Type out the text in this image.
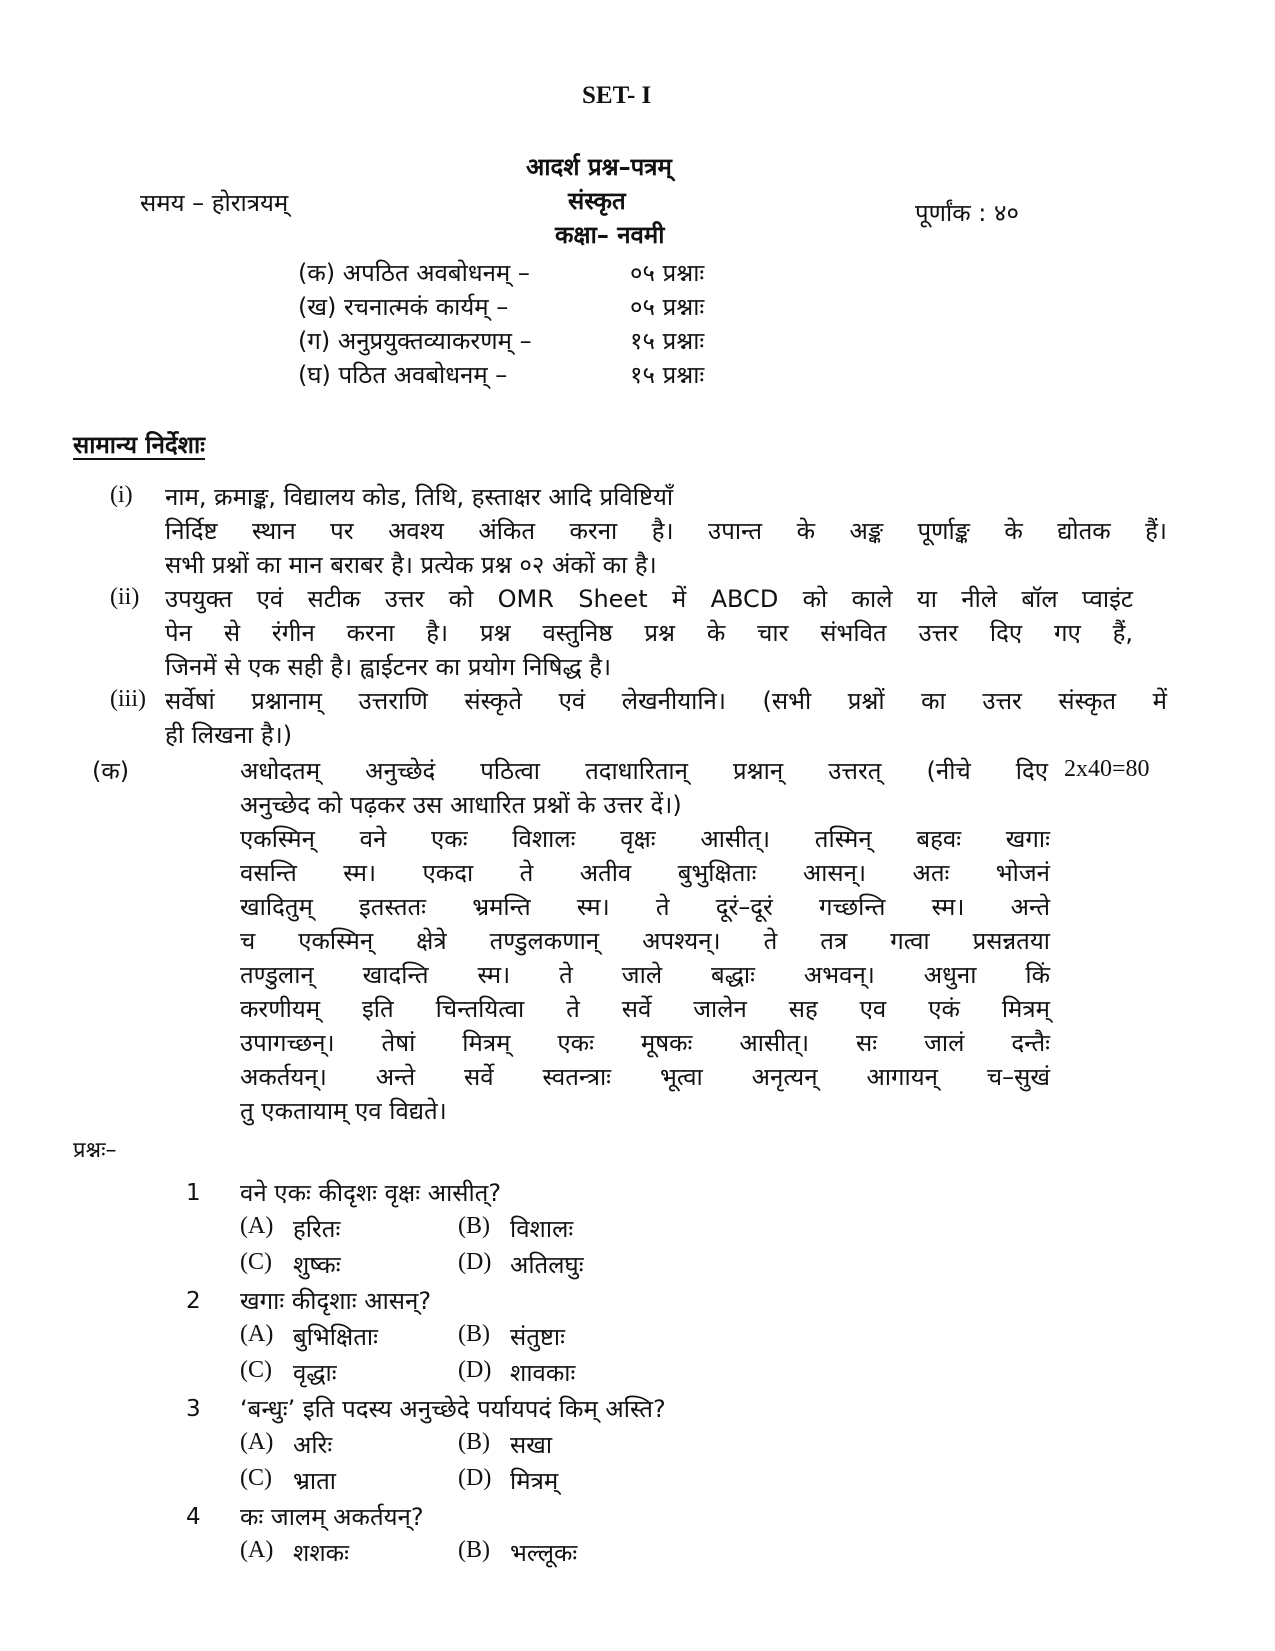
SET- I
आदर्श प्रश्न–पत्रम्
संस्कृत
कक्षा– नवमी
समय – होरात्रयम्	पूर्णांक : ४०
(क) अपठित अवबोधनम् –	०५ प्रश्नाः
(ख) रचनात्मकं कार्यम् –	०५ प्रश्नाः
(ग) अनुप्रयुक्तव्याकरणम् –	१५ प्रश्नाः
(घ) पठित अवबोधनम् –	१५ प्रश्नाः
सामान्य निर्देशाः
(i) नाम, क्रमाङ्क, विद्यालय कोड, तिथि, हस्ताक्षर आदि प्रविष्टियाँ
निर्दिष्ट स्थान पर अवश्य अंकित करना है। उपान्त के अङ्क पूर्णाङ्क के द्योतक हैं।
सभी प्रश्नों का मान बराबर है। प्रत्येक प्रश्न ०२ अंकों का है।
(ii) उपयुक्त एवं सटीक उत्तर को OMR Sheet में ABCD को काले या नीले बॉल प्वाइंट
पेन से रंगीन करना है। प्रश्न वस्तुनिष्ठ प्रश्न के चार संभवित उत्तर दिए गए हैं,
जिनमें से एक सही है। ह्वाईटनर का प्रयोग निषिद्ध है।
(iii) सर्वेषां प्रश्नानाम् उत्तराणि संस्कृते एवं लेखनीयानि। (सभी प्रश्नों का उत्तर संस्कृत में
ही लिखना है।)
(क)	अधोदतम् अनुच्छेदं पठित्वा तदाधारितान् प्रश्नान् उत्तरत् (नीचे दिए
अनुच्छेद को पढ़कर उस आधारित प्रश्नों के उत्तर दें।)
2x40=80
एकस्मिन् वने एकः विशालः वृक्षः आसीत्। तस्मिन् बहवः खगाः
वसन्ति स्म। एकदा ते अतीव बुभुक्षिताः आसन्। अतः भोजनं
खादितुम् इतस्ततः भ्रमन्ति स्म। ते दूरं–दूरं गच्छन्ति स्म। अन्ते
च एकस्मिन् क्षेत्रे तण्डुलकणान् अपश्यन्। ते तत्र गत्वा प्रसन्नतया
तण्डुलान् खादन्ति स्म। ते जाले बद्धाः अभवन्। अधुना किं
करणीयम् इति चिन्तयित्वा ते सर्वे जालेन सह एव एकं मित्रम्
उपागच्छन्। तेषां मित्रम् एकः मूषकः आसीत्। सः जालं दन्तैः
अकर्तयन्। अन्ते सर्वे स्वतन्त्राः भूत्वा अनृत्यन् आगायन् च–सुखं
तु एकतायाम् एव विद्यते।
प्रश्नः–
1 वने एकः कीदृशः वृक्षः आसीत्?
(A) हरितः	(B) विशालः
(C) शुष्कः	(D) अतिलघुः
2 खगाः कीदृशाः आसन्?
(A) बुभिक्षिताः	(B) संतुष्टाः
(C) वृद्धाः	(D) शावकाः
3 ‘बन्धुः’ इति पदस्य अनुच्छेदे पर्यायपदं किम् अस्ति?
(A) अरिः	(B) सखा
(C) भ्राता	(D) मित्रम्
4 कः जालम् अकर्तयन्?
(A) शशकः	(B) भल्लूकः
